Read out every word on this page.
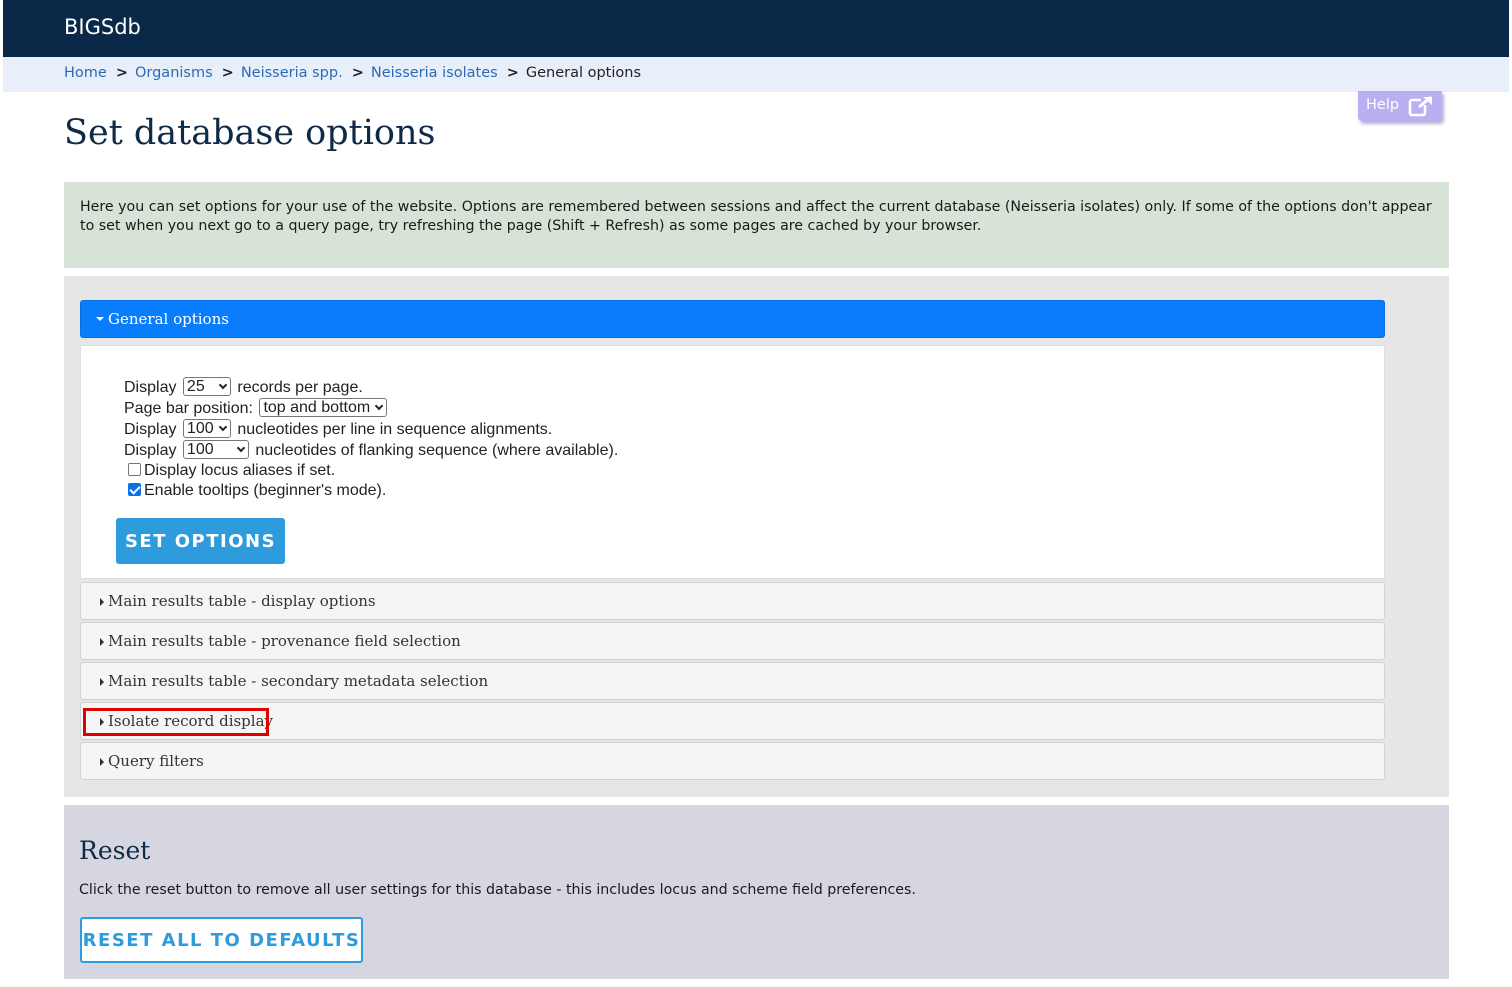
BIGSdb
Home > Organisms > Neisseria spp. > Neisseria isolates > General options
Help
Set database options
Here you can set options for your use of the website. Options are remembered between sessions and affect the current database (Neisseria isolates) only. If some of the options don't appear to set when you next go to a query page, try refreshing the page (Shift + Refresh) as some pages are cached by your browser.
General options
Display 25 records per page.
Page bar position: top and bottom
Display 100 nucleotides per line in sequence alignments.
Display 100	nucleotides of flanking sequence (where available).
Display locus aliases if set.
Enable tooltips (beginner's mode).
SET OPTIONS
Main results table - display options
Main results table - provenance field selection
Main results table - secondary metadata selection
Isolate record display
Query filters
Reset
Click the reset button to remove all user settings for this database - this includes locus and scheme field preferences.
RESET ALL TO DEFAULTS
